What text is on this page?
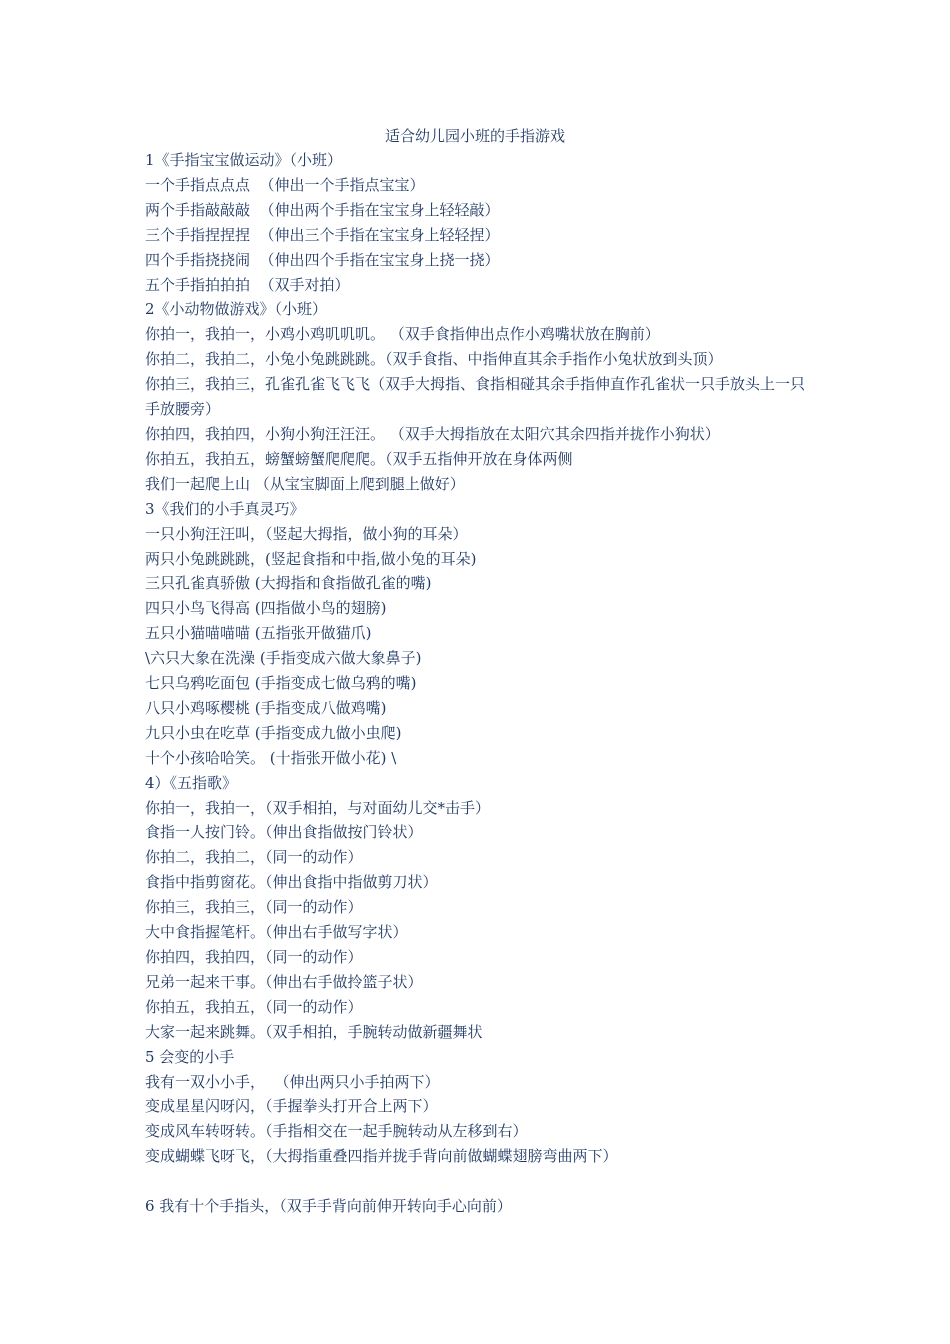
适合幼儿园小班的手指游戏
1《手指宝宝做运动》（小班）
一个手指点点点  （伸出一个手指点宝宝）
两个手指敲敲敲  （伸出两个手指在宝宝身上轻轻敲）
三个手指捏捏捏  （伸出三个手指在宝宝身上轻轻捏）
四个手指挠挠闹  （伸出四个手指在宝宝身上挠一挠）
五个手指拍拍拍  （双手对拍）
2《小动物做游戏》（小班）
你拍一，我拍一，小鸡小鸡叽叽叽。 （双手食指伸出点作小鸡嘴状放在胸前）
你拍二，我拍二，小兔小兔跳跳跳。（双手食指、中指伸直其余手指作小兔状放到头顶）
你拍三，我拍三，孔雀孔雀飞飞飞（双手大拇指、食指相碰其余手指伸直作孔雀状一只手放头上一只手放腰旁）
你拍四，我拍四，小狗小狗汪汪汪。 （双手大拇指放在太阳穴其余四指并拢作小狗状）
你拍五，我拍五，螃蟹螃蟹爬爬爬。（双手五指伸开放在身体两侧
我们一起爬上山 （从宝宝脚面上爬到腿上做好）
3《我们的小手真灵巧》
一只小狗汪汪叫，（竖起大拇指，做小狗的耳朵）
两只小兔跳跳跳，(竖起食指和中指,做小兔的耳朵)
三只孔雀真骄傲 (大拇指和食指做孔雀的嘴)
四只小鸟飞得高 (四指做小鸟的翅膀)
五只小猫喵喵喵 (五指张开做猫爪)
\六只大象在洗澡 (手指变成六做大象鼻子)
七只乌鸦吃面包 (手指变成七做乌鸦的嘴)
八只小鸡啄樱桃 (手指变成八做鸡嘴)
九只小虫在吃草 (手指变成九做小虫爬)
十个小孩哈哈笑。 (十指张开做小花) \
4）《五指歌》
你拍一，我拍一，（双手相拍，与对面幼儿交*击手）
食指一人按门铃。（伸出食指做按门铃状）
你拍二，我拍二，（同一的动作）
食指中指剪窗花。（伸出食指中指做剪刀状）
你拍三，我拍三，（同一的动作）
大中食指握笔杆。（伸出右手做写字状）
你拍四，我拍四，（同一的动作）
兄弟一起来干事。（伸出右手做拎篮子状）
你拍五，我拍五，（同一的动作）
大家一起来跳舞。（双手相拍，手腕转动做新疆舞状
5 会变的小手
我有一双小小手，  （伸出两只小手拍两下）
变成星星闪呀闪，（手握拳头打开合上两下）
变成风车转呀转。（手指相交在一起手腕转动从左移到右）
变成蝴蝶飞呀飞，（大拇指重叠四指并拢手背向前做蝴蝶翅膀弯曲两下）
6 我有十个手指头，（双手手背向前伸开转向手心向前）
